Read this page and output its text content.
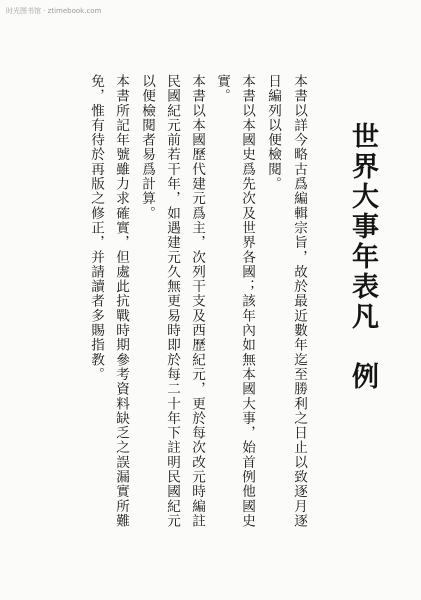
时光图书馆 · ztimebook.com
世界大事年表凡 例
本書以詳今略古爲編輯宗旨，故於最近數年迄至勝利之日止以致逐月逐
日編列以便檢閱。
本書以本國史爲先次及世界各國；該年內如無本國大事，始首例他國史
實。
本書以本國歷代建元爲主，次列干支及西歷紀元，更於每次改元時編註
民國紀元前若干年，如遇建元久無更易時即於每二十年下註明民國紀元
以便檢閱者易爲計算。
本書所記年號雖力求確實，但處此抗戰時期參考資料缺乏之誤漏實所難
免，惟有待於再版之修正，并請讀者多賜指教。
